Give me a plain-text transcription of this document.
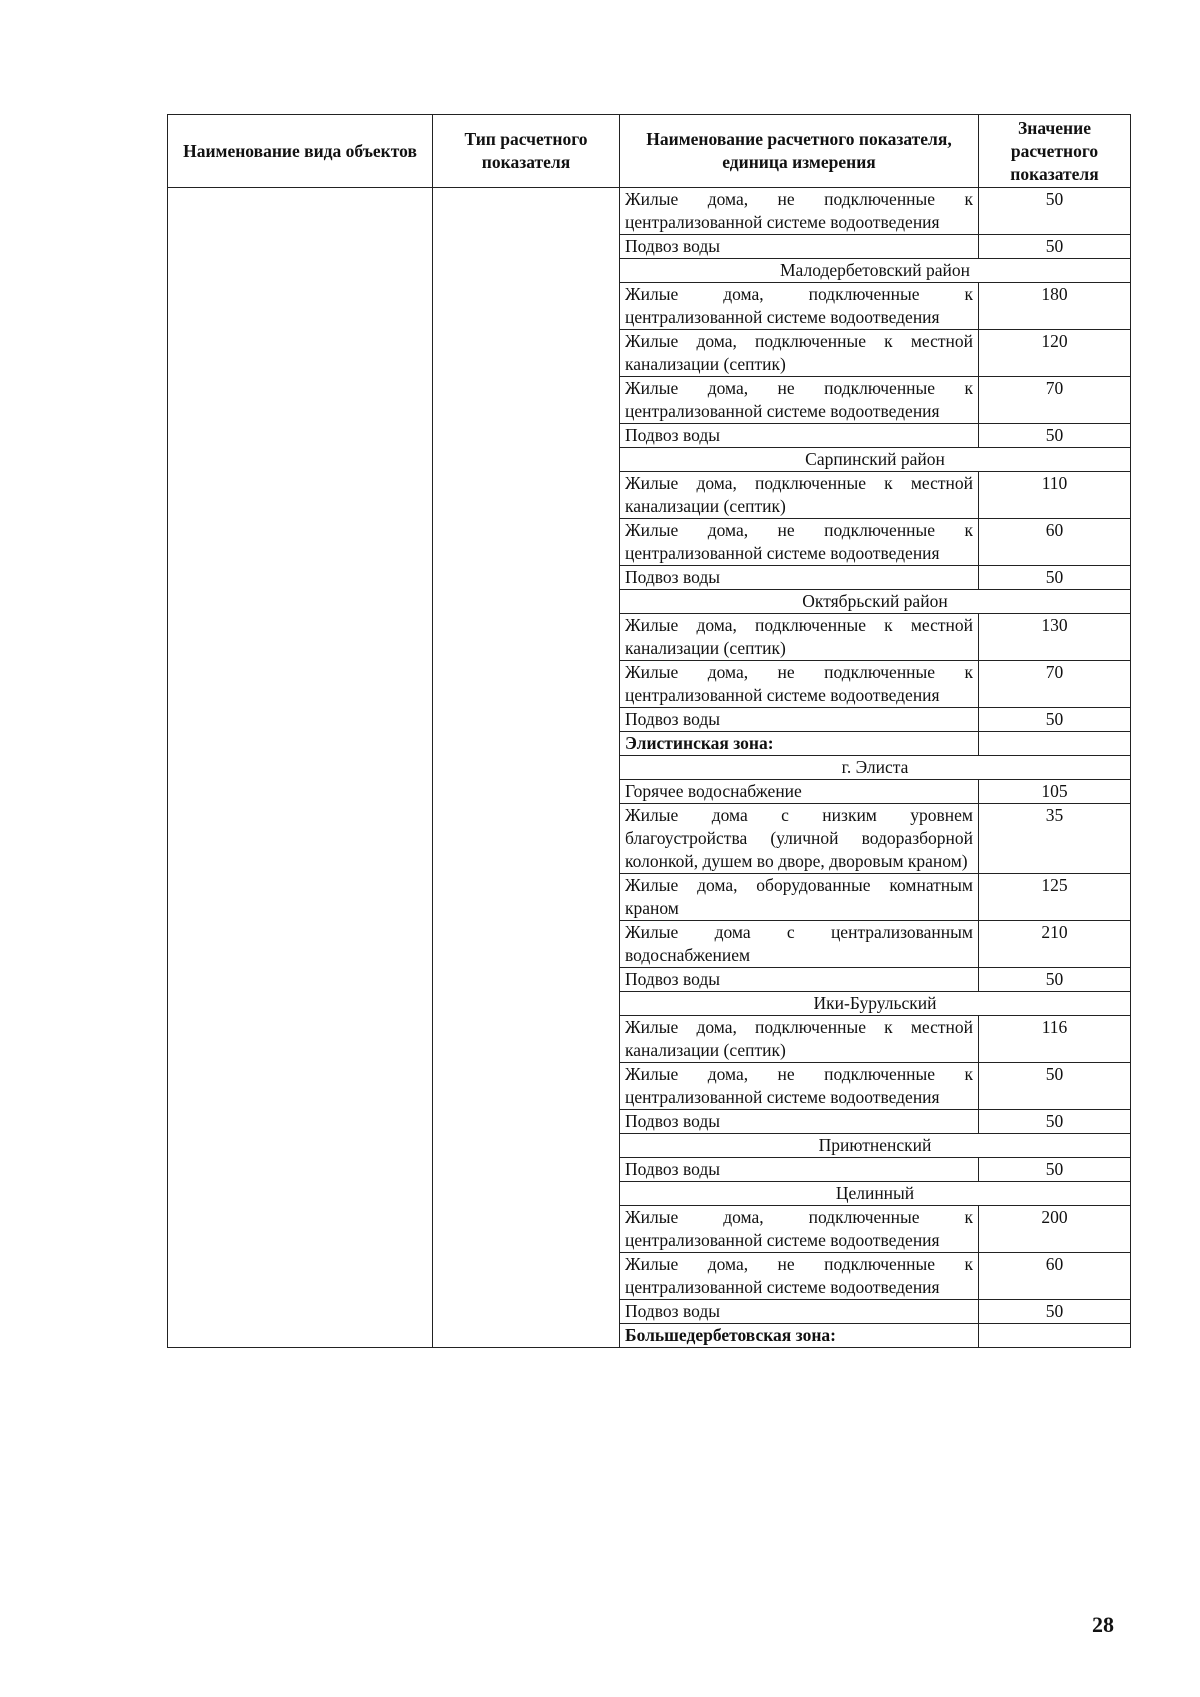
Наименование вида объектов	Тип расчетного показателя	Наименование расчетного показателя, единица измерения	Значение расчетного показателя
		Жилые дома, не подключенные к централизованной системе водоотведения	50
		Подвоз воды	50
		Малодербетовский район	
		Жилые дома, подключенные к централизованной системе водоотведения	180
		Жилые дома, подключенные к местной канализации (септик)	120
		Жилые дома, не подключенные к централизованной системе водоотведения	70
		Подвоз воды	50
		Сарпинский район	
		Жилые дома, подключенные к местной канализации (септик)	110
		Жилые дома, не подключенные к централизованной системе водоотведения	60
		Подвоз воды	50
		Октябрьский район	
		Жилые дома, подключенные к местной канализации (септик)	130
		Жилые дома, не подключенные к централизованной системе водоотведения	70
		Подвоз воды	50
		Элистинская зона:	
		г. Элиста	
		Горячее водоснабжение	105
		Жилые дома с низким уровнем благоустройства (уличной водоразборной колонкой, душем во дворе, дворовым краном)	35
		Жилые дома, оборудованные комнатным краном	125
		Жилые дома с централизованным водоснабжением	210
		Подвоз воды	50
		Ики-Бурульский	
		Жилые дома, подключенные к местной канализации (септик)	116
		Жилые дома, не подключенные к централизованной системе водоотведения	50
		Подвоз воды	50
		Приютненский	
		Подвоз воды	50
		Целинный	
		Жилые дома, подключенные к централизованной системе водоотведения	200
		Жилые дома, не подключенные к централизованной системе водоотведения	60
		Подвоз воды	50
		Большедербетовская зона:	
28
